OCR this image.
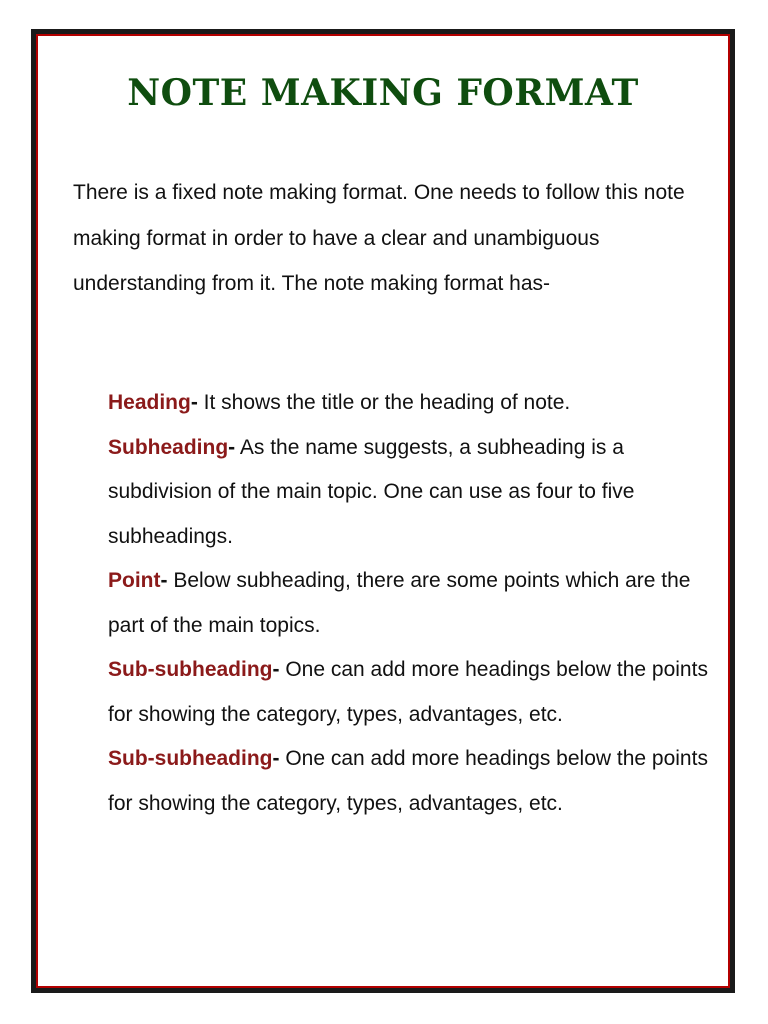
NOTE MAKING FORMAT

There is a fixed note making format. One needs to follow this note making format in order to have a clear and unambiguous understanding from it. The note making format has-

Heading- It shows the title or the heading of note.
Subheading- As the name suggests, a subheading is a subdivision of the main topic. One can use as four to five subheadings.
Point- Below subheading, there are some points which are the part of the main topics.
Sub-subheading- One can add more headings below the points for showing the category, types, advantages, etc.
Sub-subheading- One can add more headings below the points for showing the category, types, advantages, etc.
